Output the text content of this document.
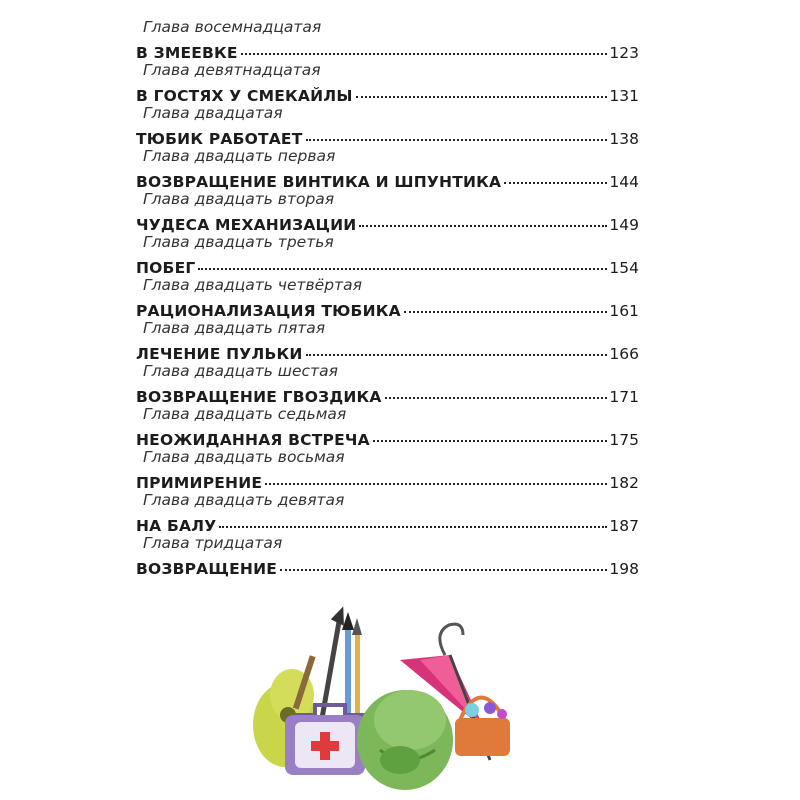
Глава восемнадцатая
В ЗМЕЕВКЕ	123
Глава девятнадцатая
В ГОСТЯХ У СМЕКАЙЛЫ	131
Глава двадцатая
ТЮБИК РАБОТАЕТ	138
Глава двадцать первая
ВОЗВРАЩЕНИЕ ВИНТИКА И ШПУНТИКА	144
Глава двадцать вторая
ЧУДЕСА МЕХАНИЗАЦИИ	149
Глава двадцать третья
ПОБЕГ	154
Глава двадцать четвёртая
РАЦИОНАЛИЗАЦИЯ ТЮБИКА	161
Глава двадцать пятая
ЛЕЧЕНИЕ ПУЛЬКИ	166
Глава двадцать шестая
ВОЗВРАЩЕНИЕ ГВОЗДИКА	171
Глава двадцать седьмая
НЕОЖИДАННАЯ ВСТРЕЧА	175
Глава двадцать восьмая
ПРИМИРЕНИЕ	182
Глава двадцать девятая
НА БАЛУ	187
Глава тридцатая
ВОЗВРАЩЕНИЕ	198
